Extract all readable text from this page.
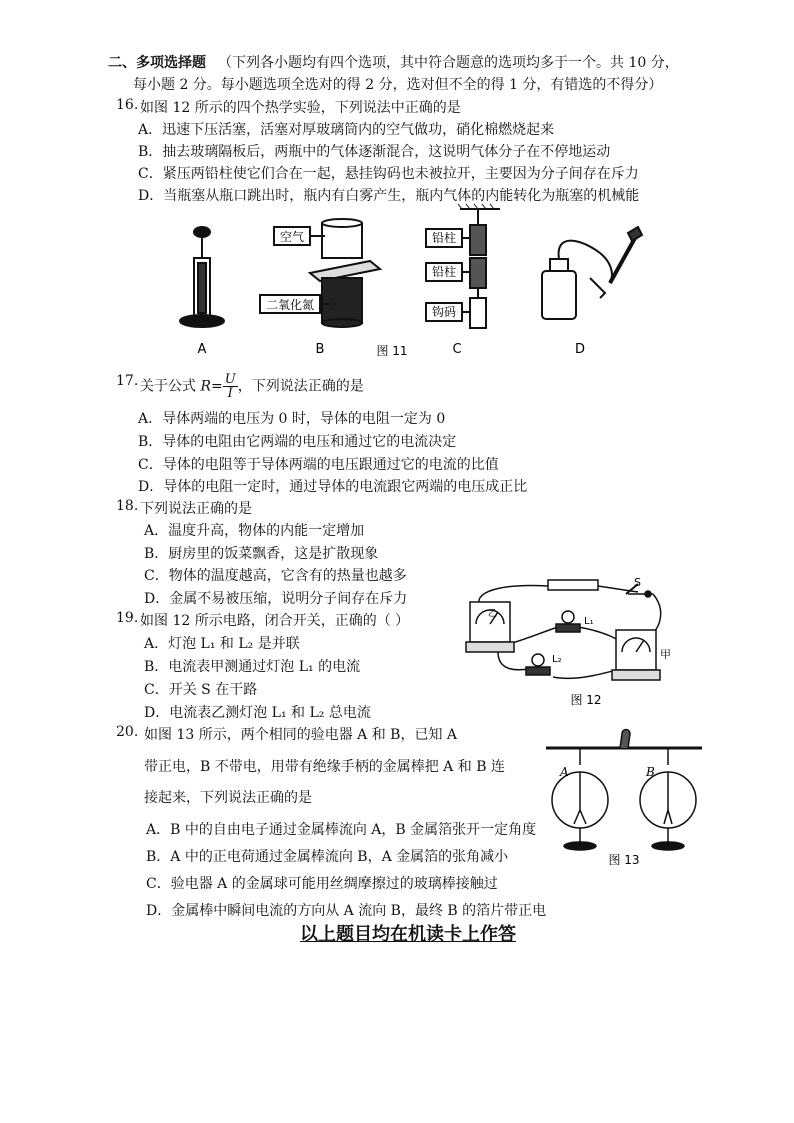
二、多项选择题 （下列各小题均有四个选项，其中符合题意的选项均多于一个。共 10 分，
每小题 2 分。每小题选项全选对的得 2 分，选对但不全的得 1 分，有错选的不得分）
16. 如图 12 所示的四个热学实验，下列说法中正确的是
A．迅速下压活塞，活塞对厚玻璃筒内的空气做功，硝化棉燃烧起来
B．抽去玻璃隔板后，两瓶中的气体逐渐混合，这说明气体分子在不停地运动
C．紧压两铅柱使它们合在一起，悬挂钩码也未被拉开，主要因为分子间存在斥力
D．当瓶塞从瓶口跳出时，瓶内有白雾产生，瓶内气体的内能转化为瓶塞的机械能
空气
二氧化氮
铅柱
铅柱
钩码
A	B	图 11	C	D
17. 关于公式 $R= \frac{U}{I}$ ，下列说法正确的是
A．导体两端的电压为 0 时，导体的电阻一定为 0
B．导体的电阻由它两端的电压和通过它的电流决定
C．导体的电阻等于导体两端的电压跟通过它的电流的比值
D．导体的电阻一定时，通过导体的电流跟它两端的电压成正比
18. 下列说法正确的是
A．温度升高，物体的内能一定增加
B．厨房里的饭菜飘香，这是扩散现象
C．物体的温度越高，它含有的热量也越多
D．金属不易被压缩，说明分子间存在斥力
S
L₁
L₂	甲
乙
图 12
19. 如图 12 所示电路，闭合开关，正确的（ ）
A．灯泡 L₁ 和 L₂ 是并联
B．电流表甲测通过灯泡 L₁ 的电流
C．开关 S 在干路
D．电流表乙测灯泡 L₁ 和 L₂ 总电流
A	B
图 13
20. 如图 13 所示，两个相同的验电器 A 和 B，已知 A
带正电，B 不带电，用带有绝缘手柄的金属棒把 A 和 B 连
接起来，下列说法正确的是
A．B 中的自由电子通过金属棒流向 A，B 金属箔张开一定角度
B．A 中的正电荷通过金属棒流向 B，A 金属箔的张角减小
C．验电器 A 的金属球可能用丝绸摩擦过的玻璃棒接触过
D．金属棒中瞬间电流的方向从 A 流向 B，最终 B 的箔片带正电
以上题目均在机读卡上作答
